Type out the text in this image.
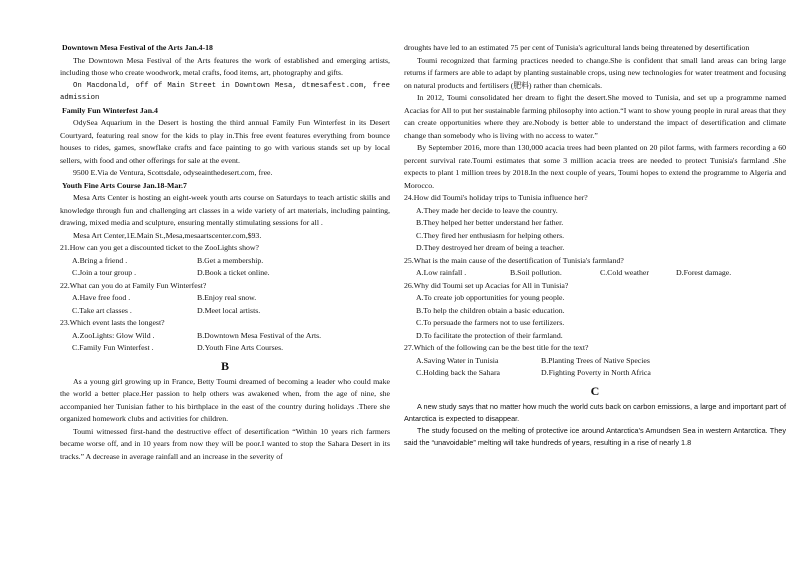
Downtown Mesa Festival of the Arts Jan.4-18

The Downtown Mesa Festival of the Arts features the work of established and emerging artists, including those who create woodwork, metal crafts, food items, art, photography and gifts.

On Macdonald, off of Main Street in Downtown Mesa, dtmesafest.com, free admission

Family Fun Winterfest Jan.4

OdySea Aquarium in the Desert is hosting the third annual Family Fun Winterfest in its Desert Courtyard, featuring real snow for the kids to play in.This free event features everything from bounce houses to rides, games, snowflake crafts and face painting to go with various stands set up by local sellers, with food and other offerings for sale at the event.

9500 E.Via de Ventura, Scottsdale, odyseainthedesert.com, free.

Youth Fine Arts Course Jan.18-Mar.7

Mesa Arts Center is hosting an eight-week youth arts course on Saturdays to teach artistic skills and knowledge through fun and challenging art classes in a wide variety of art materials, including painting, drawing, mixed media and sculpture, ensuring mentally stimulating sessions for all .

Mesa Art Center,1E.Main St.,Mesa,mesaartscenter.com,$93.

21.How can you get a discounted ticket to the ZooLights show?

A.Bring a friend .	B.Get a membership.
C.Join a tour group .	D.Book a ticket online.

22.What can you do at Family Fun Winterfest?

A.Have free food .	B.Enjoy real snow.
C.Take art classes .	D.Meet local artists.

23.Which event lasts the longest?

A.ZooLights: Glow Wild .	B.Downtown Mesa Festival of the Arts.
C.Family Fun Winterfest .	D.Youth Fine Arts Courses.
B

As a young girl growing up in France, Betty Toumi dreamed of becoming a leader who could make the world a better place.Her passion to help others was awakened when, from the age of nine, she accompanied her Tunisian father to his birthplace in the east of the country during holidays .There she organized homework clubs and activities for children.

Toumi witnessed first-hand the destructive effect of desertification “Within 10 years rich farmers became worse off, and in 10 years from now they will be poor.I wanted to stop the Sahara Desert in its tracks.” A decrease in average rainfall and an increase in the severity of

droughts have led to an estimated 75 per cent of Tunisia's agricultural lands being threatened by desertification

Toumi recognized that farming practices needed to change.She is confident that small land areas can bring large returns if farmers are able to adapt by planting sustainable crops, using new technologies for water treatment and focusing on natural products and fertilisers (肥料) rather than chemicals.

In 2012, Toumi consolidated her dream to fight the desert.She moved to Tunisia, and set up a programme named Acacias for All to put her sustainable farming philosophy into action.“I want to show young people in rural areas that they can create opportunities where they are.Nobody is better able to understand the impact of desertification and climate change than somebody who is living with no access to water.”

By September 2016, more than 130,000 acacia trees had been planted on 20 pilot farms, with farmers recording a 60 percent survival rate.Toumi estimates that some 3 million acacia trees are needed to protect Tunisia's farmland .She expects to plant 1 million trees by 2018.In the next couple of years, Toumi hopes to extend the programme to Algeria and Morocco.

24.How did Toumi's holiday trips to Tunisia influence her?

A.They made her decide to leave the country.
B.They helped her better understand her father.
C.They fired her enthusiasm for helping others.
D.They destroyed her dream of being a teacher.

25.What is the main cause of the desertification of Tunisia's farmland?

A.Low rainfall .	B.Soil pollution.	C.Cold weather	D.Forest damage.

26.Why did Toumi set up Acacias for All in Tunisia?

A.To create job opportunities for young people.
B.To help the children obtain a basic education.
C.To persuade the farmers not to use fertilizers.
D.To facilitate the protection of their farmland.

27.Which of the following can be the best title for the text?

A.Saving Water in Tunisia	B.Planting Trees of Native Species
C.Holding back the Sahara	D.Fighting Poverty in North Africa
C

A new study says that no matter how much the world cuts back on carbon emissions, a large and important part of Antarctica is expected to disappear.

The study focused on the melting of protective ice around Antarctica’s Amundsen Sea in western Antarctica. They said the “unavoidable” melting will take hundreds of years, resulting in a rise of nearly 1.8
